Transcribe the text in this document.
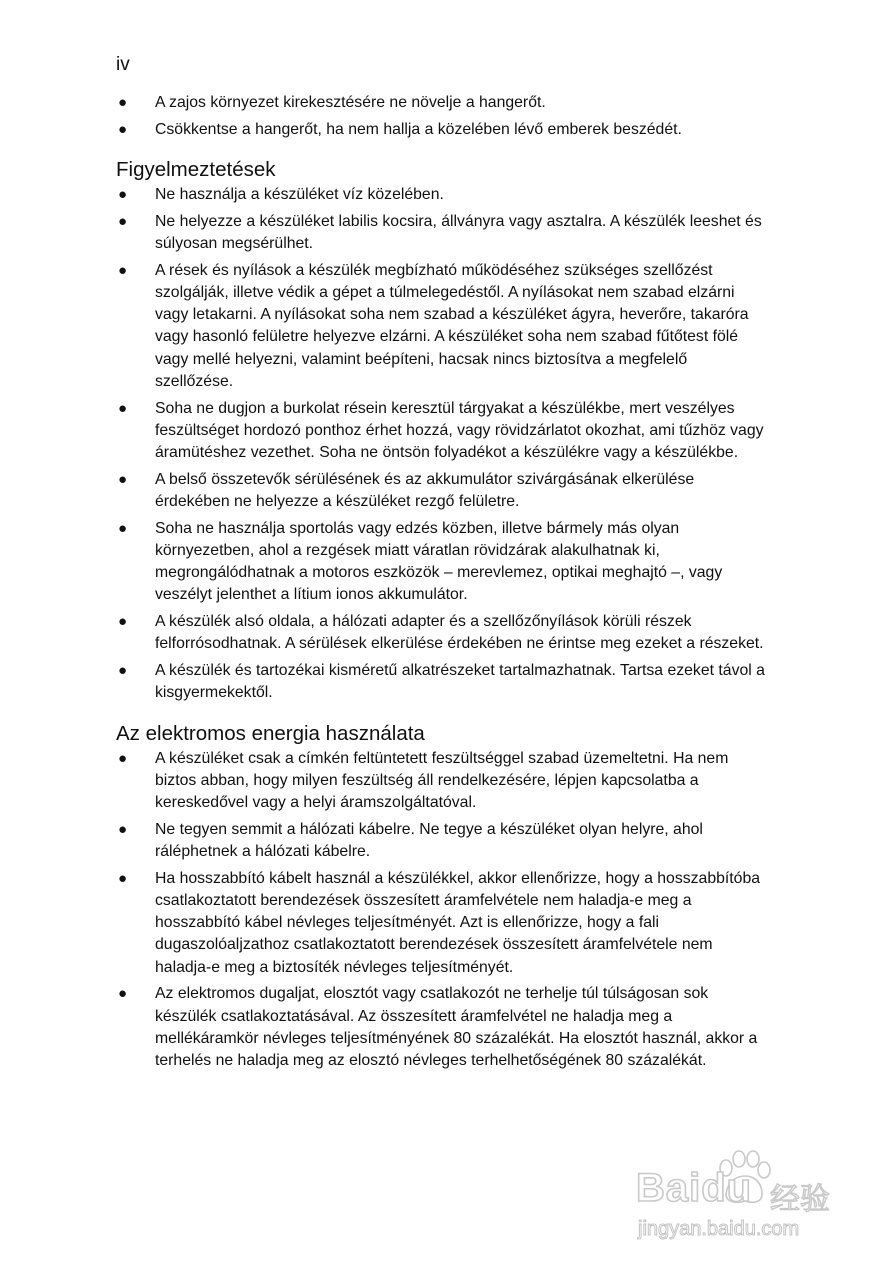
iv
● A zajos környezet kirekesztésére ne növelje a hangerőt.
● Csökkentse a hangerőt, ha nem hallja a közelében lévő emberek beszédét.
Figyelmeztetések
● Ne használja a készüléket víz közelében.
● Ne helyezze a készüléket labilis kocsira, állványra vagy asztalra. A készülék leeshet és súlyosan megsérülhet.
● A rések és nyílások a készülék megbízható működéséhez szükséges szellőzést szolgálják, illetve védik a gépet a túlmelegedéstől. A nyílásokat nem szabad elzárni vagy letakarni. A nyílásokat soha nem szabad a készüléket ágyra, heverőre, takaróra vagy hasonló felületre helyezve elzárni. A készüléket soha nem szabad fűtőtest fölé vagy mellé helyezni, valamint beépíteni, hacsak nincs biztosítva a megfelelő szellőzése.
● Soha ne dugjon a burkolat résein keresztül tárgyakat a készülékbe, mert veszélyes feszültséget hordozó ponthoz érhet hozzá, vagy rövidzárlatot okozhat, ami tűzhöz vagy áramütéshez vezethet. Soha ne öntsön folyadékot a készülékre vagy a készülékbe.
● A belső összetevők sérülésének és az akkumulátor szivárgásának elkerülése érdekében ne helyezze a készüléket rezgő felületre.
● Soha ne használja sportolás vagy edzés közben, illetve bármely más olyan környezetben, ahol a rezgések miatt váratlan rövidzárak alakulhatnak ki, megrongálódhatnak a motoros eszközök – merevlemez, optikai meghajtó –, vagy veszélyt jelenthet a lítium ionos akkumulátor.
● A készülék alsó oldala, a hálózati adapter és a szellőzőnyílások körüli részek felforrósodhatnak. A sérülések elkerülése érdekében ne érintse meg ezeket a részeket.
● A készülék és tartozékai kisméretű alkatrészeket tartalmazhatnak. Tartsa ezeket távol a kisgyermekektől.
Az elektromos energia használata
● A készüléket csak a címkén feltüntetett feszültséggel szabad üzemeltetni. Ha nem biztos abban, hogy milyen feszültség áll rendelkezésére, lépjen kapcsolatba a kereskedővel vagy a helyi áramszolgáltatóval.
● Ne tegyen semmit a hálózati kábelre. Ne tegye a készüléket olyan helyre, ahol ráléphetnek a hálózati kábelre.
● Ha hosszabbító kábelt használ a készülékkel, akkor ellenőrizze, hogy a hosszabbítóba csatlakoztatott berendezések összesített áramfelvétele nem haladja-e meg a hosszabbító kábel névleges teljesítményét. Azt is ellenőrizze, hogy a fali dugaszolóaljzathoz csatlakoztatott berendezések összesített áramfelvétele nem haladja-e meg a biztosíték névleges teljesítményét.
● Az elektromos dugaljat, elosztót vagy csatlakozót ne terhelje túl túlságosan sok készülék csatlakoztatásával. Az összesített áramfelvétel ne haladja meg a mellékáramkör névleges teljesítményének 80 százalékát. Ha elosztót használ, akkor a terhelés ne haladja meg az elosztó névleges terhelhetőségének 80 százalékát.
Baidu 经验
jingyan.baidu.com
